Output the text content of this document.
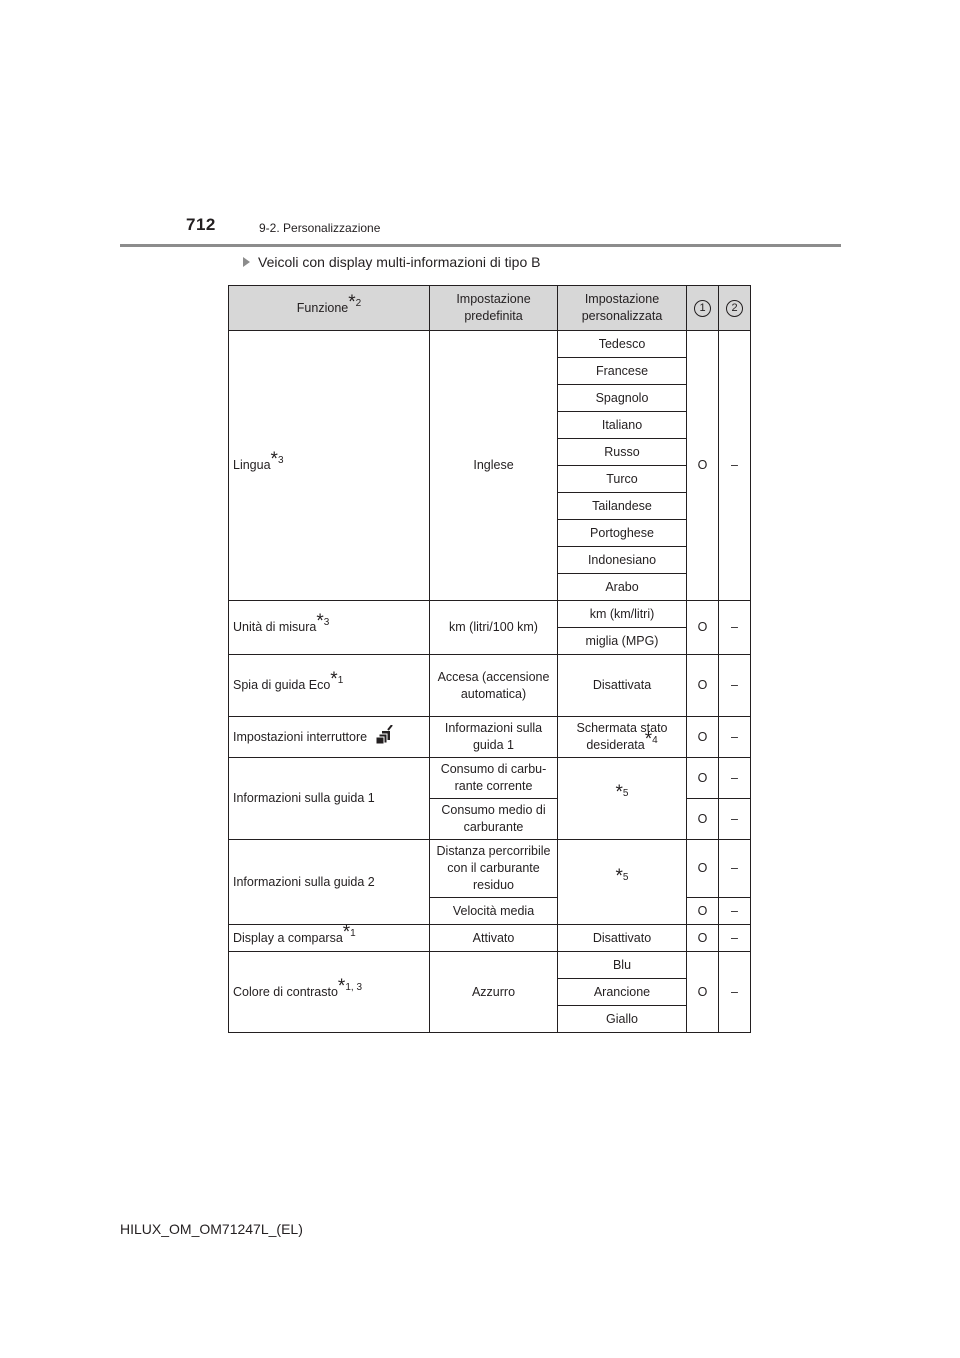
712	9-2. Personalizzazione
Veicoli con display multi-informazioni di tipo B
Funzione*$^2$	Impostazione predefinita	Impostazione personalizzata	1	2
Lingua*$^3$	Inglese	Tedesco	O	–
		Francese		
		Spagnolo		
		Italiano		
		Russo		
		Turco		
		Tailandese		
		Portoghese		
		Indonesiano		
		Arabo		
Unità di misura*$^3$	km (litri/100 km)	km (km/litri)	O	–
		miglia (MPG)		
Spia di guida Eco*$^1$	Accesa (accensione automatica)	Disattivata	O	–
Impostazioni interruttore	Informazioni sulla guida 1	Schermata stato desiderata*$^4$	O	–
Informazioni sulla guida 1	Consumo di carbu-rante corrente	*$^5$	O	–
	Consumo medio di carburante		O	–
Informazioni sulla guida 2	Distanza percorribile con il carburante residuo	*$^5$	O	–
	Velocità media		O	–
Display a comparsa*$^1$	Attivato	Disattivato	O	–
Colore di contrasto*$^{1, 3}$	Azzurro	Blu	O	–
		Arancione		
		Giallo		
HILUX_OM_OM71247L_(EL)
